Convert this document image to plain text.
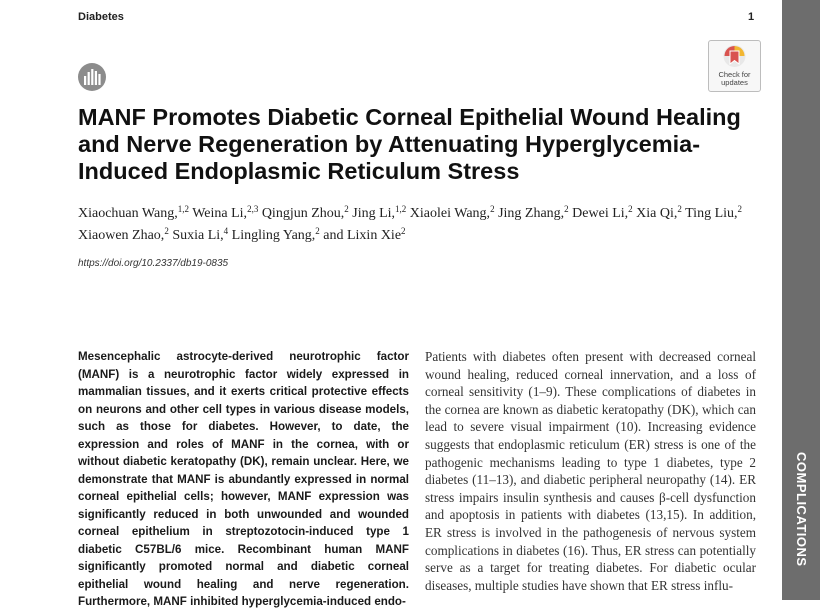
Diabetes	1
Check for
updates
MANF Promotes Diabetic Corneal Epithelial Wound Healing and Nerve Regeneration by Attenuating Hyperglycemia-Induced Endoplasmic Reticulum Stress

Xiaochuan Wang,$^{1,2}$ Weina Li,$^{2,3}$ Qingjun Zhou,$^2$ Jing Li,$^{1,2}$ Xiaolei Wang,$^2$ Jing Zhang,$^2$ Dewei Li,$^2$ Xia Qi,$^2$ Ting Liu,$^2$ Xiaowen Zhao,$^2$ Suxia Li,$^4$ Lingling Yang,$^2$ and Lixin Xie$^2$

https://doi.org/10.2337/db19-0835

Mesencephalic astrocyte-derived neurotrophic factor (MANF) is a neurotrophic factor widely expressed in mammalian tissues, and it exerts critical protective effects on neurons and other cell types in various disease models, such as those for diabetes. However, to date, the expression and roles of MANF in the cornea, with or without diabetic keratopathy (DK), remain unclear. Here, we demonstrate that MANF is abundantly expressed in normal corneal epithelial cells; however, MANF expression was significantly reduced in both unwounded and wounded corneal epithelium in streptozotocin-induced type 1 diabetic C57BL/6 mice. Recombinant human MANF significantly promoted normal and diabetic corneal epithelial wound healing and nerve regeneration. Furthermore, MANF inhibited hyperglycemia-induced endo-

Patients with diabetes often present with decreased corneal wound healing, reduced corneal innervation, and a loss of corneal sensitivity (1–9). These complications of diabetes in the cornea are known as diabetic keratopathy (DK), which can lead to severe visual impairment (10). Increasing evidence suggests that endoplasmic reticulum (ER) stress is one of the pathogenic mechanisms leading to type 1 diabetes, type 2 diabetes (11–13), and diabetic peripheral neuropathy (14). ER stress impairs insulin synthesis and causes β-cell dysfunction and apoptosis in patients with diabetes (13,15). In addition, ER stress is involved in the pathogenesis of nervous system complications in diabetes (16). Thus, ER stress can potentially serve as a target for treating diabetes. For diabetic ocular diseases, multiple studies have shown that ER stress influ-

COMPLICATIONS
